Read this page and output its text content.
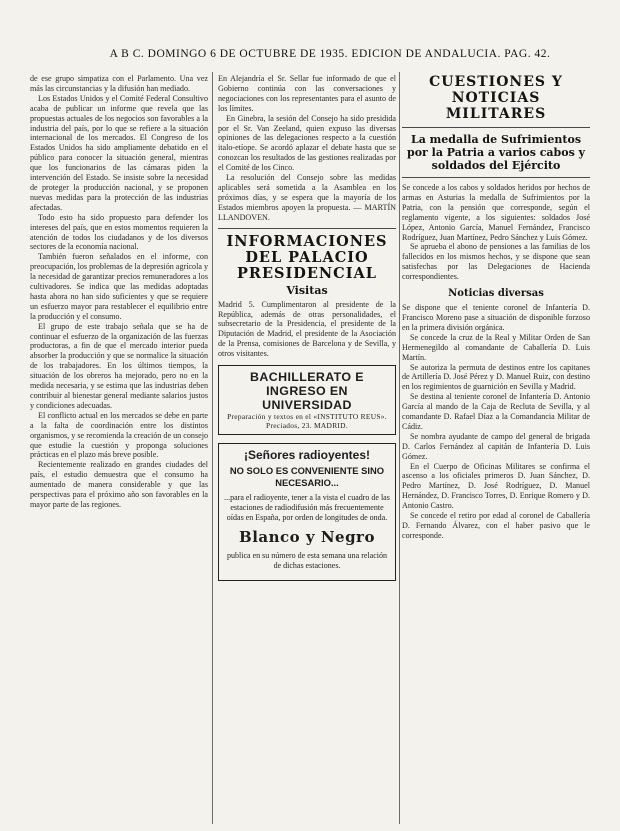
A B C. DOMINGO 6 DE OCTUBRE DE 1935. EDICION DE ANDALUCIA. PAG. 42.

de ese grupo simpatiza con el Parlamento. Una vez más las circunstancias y la difusión han mediado.

Los Estados Unidos y el Comité Federal Consultivo acaba de publicar un informe que revela que las propuestas actuales de los negocios son favorables a la industria del país, por lo que se refiere a la situación internacional de los mercados. El Congreso de los Estados Unidos ha sido ampliamente debatido en el público para conocer la situación general, mientras que los funcionarios de las cámaras piden la intervención del Estado. Se insiste sobre la necesidad de proteger la producción nacional, y se proponen nuevas medidas para la protección de las industrias afectadas.

Todo esto ha sido propuesto para defender los intereses del país, que en estos momentos requieren la atención de todos los ciudadanos y de los diversos sectores de la economía nacional.

También fueron señalados en el informe, con preocupación, los problemas de la depresión agrícola y la necesidad de garantizar precios remuneradores a los cultivadores. Se indica que las medidas adoptadas hasta ahora no han sido suficientes y que se requiere un esfuerzo mayor para restablecer el equilibrio entre la producción y el consumo.

El grupo de este trabajo señala que se ha de continuar el esfuerzo de la organización de las fuerzas productoras, a fin de que el mercado interior pueda absorber la producción y que se normalice la situación de los trabajadores. En los últimos tiempos, la situación de los obreros ha mejorado, pero no en la medida necesaria, y se estima que las industrias deben contribuir al bienestar general mediante salarios justos y condiciones adecuadas.

El conflicto actual en los mercados se debe en parte a la falta de coordinación entre los distintos organismos, y se recomienda la creación de un consejo que estudie la cuestión y proponga soluciones prácticas en el plazo más breve posible.

Recientemente realizado en grandes ciudades del país, el estudio demuestra que el consumo ha aumentado de manera considerable y que las perspectivas para el próximo año son favorables en la mayor parte de las regiones.

En Alejandría el Sr. Sellar fue informado de que el Gobierno continúa con las conversaciones y negociaciones con los representantes para el asunto de los límites.

En Ginebra, la sesión del Consejo ha sido presidida por el Sr. Van Zeeland, quien expuso las diversas opiniones de las delegaciones respecto a la cuestión italo-etíope. Se acordó aplazar el debate hasta que se conozcan los resultados de las gestiones realizadas por el Comité de los Cinco.

La resolución del Consejo sobre las medidas aplicables será sometida a la Asamblea en los próximos días, y se espera que la mayoría de los Estados miembros apoyen la propuesta. — MARTÍN LLANDOVEN.

INFORMACIONES DEL PALACIO PRESIDENCIAL

Visitas

Madrid 5. Cumplimentaron al presidente de la República, además de otras personalidades, el subsecretario de la Presidencia, el presidente de la Diputación de Madrid, el presidente de la Asociación de la Prensa, comisiones de Barcelona y de Sevilla, y otros visitantes.

BACHILLERATO E INGRESO EN UNIVERSIDAD
Preparación y textos en el «INSTITUTO REUS». Preciados, 23. MADRID.
¡Señores radioyentes!
NO SOLO ES CONVENIENTE SINO NECESARIO...
...para el radioyente, tener a la vista el cuadro de las estaciones de radiodifusión más frecuentemente oídas en España, por orden de longitudes de onda.
Blanco y Negro
publica en su número de esta semana una relación de dichas estaciones.

CUESTIONES Y NOTICIAS MILITARES

La medalla de Sufrimientos por la Patria a varios cabos y soldados del Ejército

Se concede a los cabos y soldados heridos por hechos de armas en Asturias la medalla de Sufrimientos por la Patria, con la pensión que corresponde, según el reglamento vigente, a los siguientes: soldados José López, Antonio García, Manuel Fernández, Francisco Rodríguez, Juan Martínez, Pedro Sánchez y Luis Gómez.

Se aprueba el abono de pensiones a las familias de los fallecidos en los mismos hechos, y se dispone que sean satisfechas por las Delegaciones de Hacienda correspondientes.

Noticias diversas

Se dispone que el teniente coronel de Infantería D. Francisco Moreno pase a situación de disponible forzoso en la primera división orgánica.

Se concede la cruz de la Real y Militar Orden de San Hermenegildo al comandante de Caballería D. Luis Martín.

Se autoriza la permuta de destinos entre los capitanes de Artillería D. José Pérez y D. Manuel Ruiz, con destino en los regimientos de guarnición en Sevilla y Madrid.

Se destina al teniente coronel de Infantería D. Antonio García al mando de la Caja de Recluta de Sevilla, y al comandante D. Rafael Díaz a la Comandancia Militar de Cádiz.

Se nombra ayudante de campo del general de brigada D. Carlos Fernández al capitán de Infantería D. Luis Gómez.

En el Cuerpo de Oficinas Militares se confirma el ascenso a los oficiales primeros D. Juan Sánchez, D. Pedro Martínez, D. José Rodríguez, D. Manuel Hernández, D. Francisco Torres, D. Enrique Romero y D. Antonio Castro.

Se concede el retiro por edad al coronel de Caballería D. Fernando Álvarez, con el haber pasivo que le corresponde.
